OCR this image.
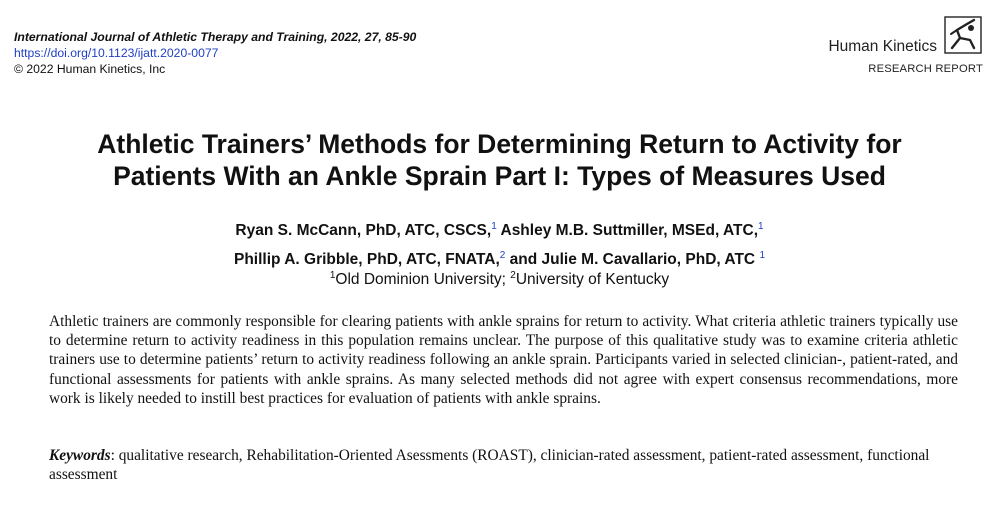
International Journal of Athletic Therapy and Training, 2022, 27, 85-90
https://doi.org/10.1123/ijatt.2020-0077
© 2022 Human Kinetics, Inc
Human Kinetics
RESEARCH REPORT
Athletic Trainers’ Methods for Determining Return to Activity for
Patients With an Ankle Sprain Part I: Types of Measures Used
Ryan S. McCann, PhD, ATC, CSCS,$^1$ Ashley M.B. Suttmiller, MSEd, ATC,$^1$
Phillip A. Gribble, PhD, ATC, FNATA,$^2$ and Julie M. Cavallario, PhD, ATC $^1$
$^1$Old Dominion University; $^2$University of Kentucky
Athletic trainers are commonly responsible for clearing patients with ankle sprains for return to activity. What criteria athletic trainers typically use to determine return to activity readiness in this population remains unclear. The purpose of this qualitative study was to examine criteria athletic trainers use to determine patients’ return to activity readiness following an ankle sprain. Participants varied in selected clinician-, patient-rated, and functional assessments for patients with ankle sprains. As many selected methods did not agree with expert consensus recommendations, more work is likely needed to instill best practices for evaluation of patients with ankle sprains.
Keywords: qualitative research, Rehabilitation-Oriented Asessments (ROAST), clinician-rated assessment, patient-rated assessment, functional assessment
